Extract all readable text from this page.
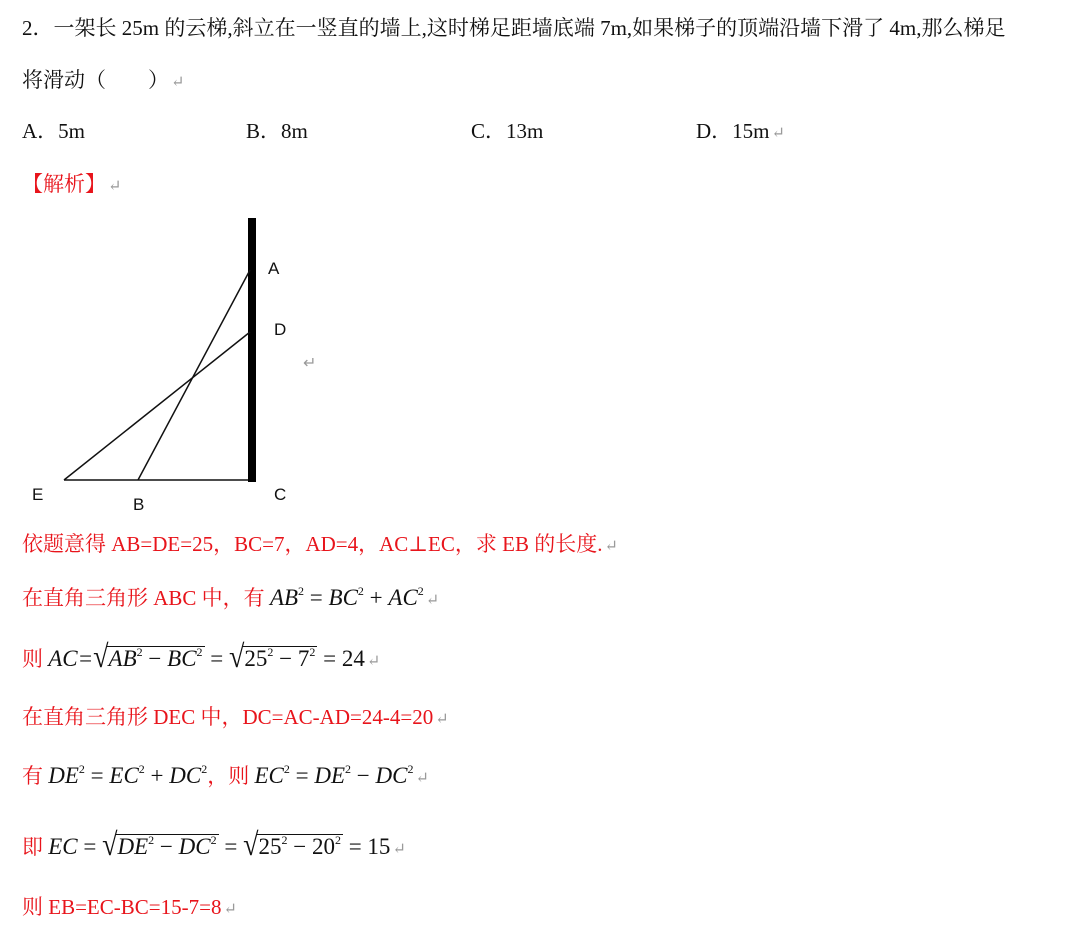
2．一架长 25m 的云梯,斜立在一竖直的墙上,这时梯足距墙底端 7m,如果梯子的顶端沿墙下滑了 4m,那么梯足
将滑动（　　） ↵
A．5m	B．8m	C．13m	D．15m ↵
【解析】 ↵
A
D
E
B
C
↵
依题意得 AB=DE=25，BC=7，AD=4，AC⊥EC，求 EB 的长度. ↵
在直角三角形 ABC 中，有 $AB^2 = BC^2$ + $AC^2↵$
则 $AC=√AB^2 - BC^2 = √25^2 - 7^2 = 24$ ↵
在直角三角形 DEC 中，DC=AC-AD=24-4=20 ↵
有 $DE^2 = EC^2 + DC^2$，则 $EC^2 = DE^2$ − $DC^2↵$
即 EC = $√DE^2 - DC^2 = √25^2 - 20^2 = 15$ ↵
则 EB=EC-BC=15-7=8 ↵
